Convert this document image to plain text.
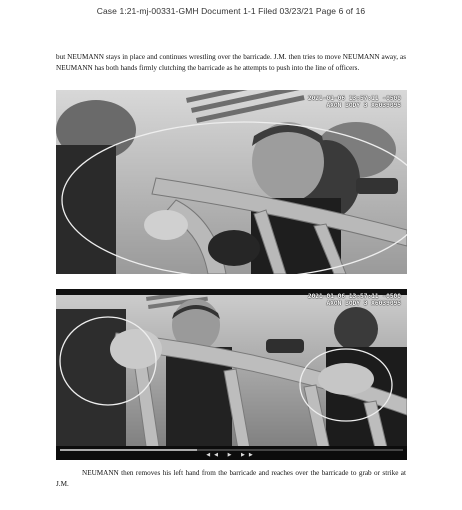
Case 1:21-mj-00331-GMH Document 1-1 Filed 03/23/21 Page 6 of 16
but NEUMANN stays in place and continues wrestling over the barricade. J.M. then tries to move NEUMANN away, as NEUMANN has both hands firmly clutching the barricade as he attempts to push into the line of officers.
2021-01-06 13:57:11 -0500
AXON BODY 3 X6039095
2021-01-06 13:57:11 -0500
AXON BODY 3 X6039095
◀◀ ▶ ▶▶
NEUMANN then removes his left hand from the barricade and reaches over the barricade to grab or strike at J.M.
